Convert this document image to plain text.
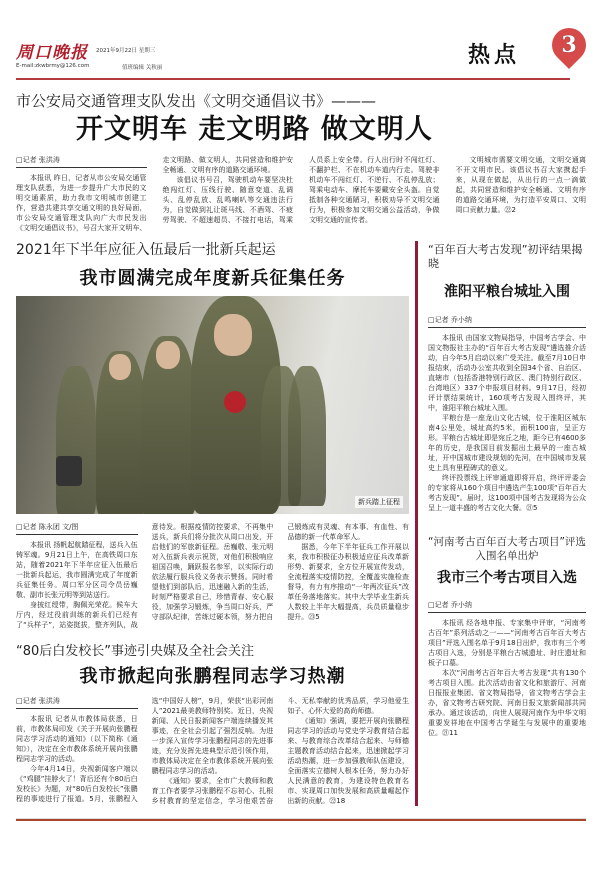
周口晚报 2021年9月22日 星期三
E-mail:zkwbrmy@126.com	值班编辑 关秋丽	热点	3
市公安局交通管理支队发出《文明交通倡议书》———
开文明车 走文明路 做文明人
□记者 张洪涛

本报讯 昨日，记者从市公安局交通管理支队获悉，为进一步提升广大市民的文明交通素质，助力我市文明城市创建工作，营造共建共享交通文明的良好局面，市公安局交通管理支队向广大市民发出《文明交通倡议书》，号召大家开文明车、走文明路、做文明人，共同营造和维护安全畅通、文明有序的道路交通环境。

该倡议书号召，驾驶机动车要坚决杜绝闯红灯、压线行驶、随意变道、乱调头、乱停乱放、乱鸣喇叭等交通违法行为，自觉做到礼让斑马线、不酒驾、不疲劳驾驶、不超速超员、不接打电话，驾乘人员系上安全带。行人出行时不闯红灯、不翻护栏、不在机动车道内行走。驾驶非机动车不闯红灯、不逆行、不乱停乱放；驾乘电动车、摩托车要戴安全头盔。自觉抵制各种交通陋习，积极劝导不文明交通行为，积极参加文明交通公益活动，争做文明交通的宣传者。

文明城市需要文明交通，文明交通离不开文明市民。该倡议书召大家携起手来，从现在做起，从出行的一点一滴做起，共同营造和维护安全畅通、文明有序的道路交通环境，为打造平安周口、文明周口贡献力量。㉒2

2021年下半年应征入伍最后一批新兵起运
我市圆满完成年度新兵征集任务
新兵踏上征程
□记者 陈永团 文/图

本报讯 扬帆起航踏征程，送兵入伍铸军魂。9月21日上午，在高铁周口东站，随着2021年下半年应征入伍最后一批新兵起运，我市圆满完成了年度新兵征集任务。周口军分区司令员岳巍敬、副市长张元明等到站送行。

身披红绶带，胸佩光荣花。候车大厅内，经过役前训练的新兵们已经有了“兵样子”，站姿挺拔，整齐列队，战意待发。根据疫情防控要求，不再集中送兵，新兵们将分批次从周口出发，开启他们的军旅新征程。岳巍敬、张元明对入伍新兵表示祝贺，对他们积极响应祖国召唤，踊跃报名参军，以实际行动依法履行服兵役义务表示赞扬。同时希望他们到部队后，迅速融入新的生活，时刻严格要求自己，珍惜青春、安心服役，加强学习锻炼，争当周口好兵，严守部队纪律，苦练过硬本领，努力把自己锻炼成有灵魂、有本事、有血性、有品德的新一代革命军人。

据悉，今年下半年征兵工作开展以来，我市积极征办积极适应征兵改革新形势、新要求，全方位开展宣传发动，全流程落实疫情防控，全覆盖实施检查督导，有力有序推动“一年两次征兵”改革任务落地落实。其中大学毕业生新兵人数较上半年大幅提高，兵员质量稳步提升。㉓5

“80后白发校长”事迹引央媒及全社会关注
我市掀起向张鹏程同志学习热潮
□记者 张洪涛

本报讯 记者从市教体局获悉，日前，市教体局印发《关于开展向张鹏程同志学习活动的通知》（以下简称《通知》），决定在全市教体系统开展向张鹏程同志学习的活动。

今年4月14日，央视新闻客户端以《“鸡腿”挂脖火了！背后还有个80后白发校长》为题，对“80后白发校长”张鹏程的事迹进行了报道。5月，张鹏程入选“中国好人榜”，9月，荣获“出彩河南人”2021最美教师特别奖。近日，央视新闻、人民日报新闻客户端连续播发其事迹，在全社会引起了强烈反响。为进一步深入宣传学习张鹏程同志的先进事迹，充分发挥先进典型示范引领作用，市教体局决定在全市教体系统开展向张鹏程同志学习的活动。

《通知》要求，全市广大教师和教育工作者要学习张鹏程不忘初心、扎根乡村教育的坚定信念，学习他艰苦奋斗、无私奉献的优秀品质，学习他爱生如子、心怀大爱的高尚师德。

《通知》强调，要把开展向张鹏程同志学习的活动与党史学习教育结合起来、与教育综合改革结合起来、与师德主题教育活动结合起来，迅速掀起学习活动热潮，进一步加强教师队伍建设，全面落实立德树人根本任务，努力办好人民满意的教育，为建设特色教育名市、实现周口加快发展和高质量崛起作出新的贡献。㉒18

“百年百大考古发现”初评结果揭晓
淮阳平粮台城址入围
□记者 乔小纳

本报讯 由国家文物局指导，中国考古学会、中国文物报社主办的“百年百大考古发现”遴选推介活动，自今年5月启动以来广受关注。截至7月10日申报结束，活动办公室共收到全国34个省、自治区、直辖市（包括香港特别行政区、澳门特别行政区、台湾地区）337个申报项目材料。9月17日，经初评计票结果统计，160项考古发现入围终评，其中，淮阳平粮台城址入围。

平粮台是一座龙山文化古城，位于淮阳区城东南4公里处，城址高约5米，面积100亩，呈正方形。平粮台古城址即是宛丘之地，距今已有4600多年的历史，是我国目前发掘出土最早的一座古城址，开中国城市建设规划的先河，在中国城市发展史上具有里程碑式的意义。

终评投票线上评审通道即将开启，终评评委会的专家将从160个项目中遴选产生100项“百年百大考古发现”。届时，这100项中国考古发现将为公众呈上一道丰盛的考古文化大餐。㉑5

“河南考古百年百大考古项目”评选入围名单出炉
我市三个考古项目入选
□记者 乔小纳

本报讯 经各地申报、专家集中评审，“河南考古百年”系列活动之一——“河南考古百年百大考古项目”评选入围名单于9月18日出炉，我市有三个考古项目入选，分别是平粮台古城遗址、时庄遗址和板子口墓。

本次“河南考古百年百大考古发现”共有130个考古项目入围。此次活动由省文化和旅游厅、河南日报报业集团、省文物局指导，省文物考古学会主办，省文物考古研究院、河南日报文旅新闻部共同承办。通过该活动，向世人展现河南作为中华文明重要发祥地在中国考古学诞生与发展中的重要地位。㉑11
